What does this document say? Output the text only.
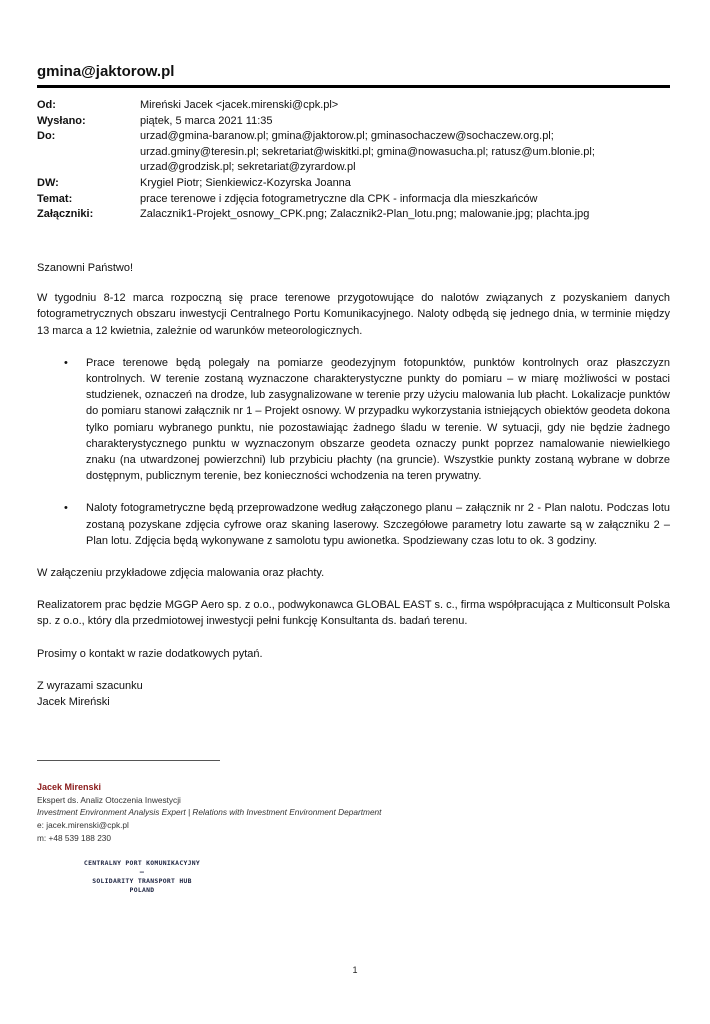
gmina@jaktorow.pl
Od:	Mireński Jacek <jacek.mirenski@cpk.pl>
Wysłano:	piątek, 5 marca 2021 11:35
Do:	urzad@gmina-baranow.pl; gmina@jaktorow.pl; gminasochaczew@sochaczew.org.pl; urzad.gminy@teresin.pl; sekretariat@wiskitki.pl; gmina@nowasucha.pl; ratusz@um.blonie.pl; urzad@grodzisk.pl; sekretariat@zyrardow.pl
DW:	Krygiel Piotr; Sienkiewicz-Kozyrska Joanna
Temat:	prace terenowe i zdjęcia fotogrametryczne dla CPK - informacja dla mieszkańców
Załączniki:	Zalacznik1-Projekt_osnowy_CPK.png; Zalacznik2-Plan_lotu.png; malowanie.jpg; plachta.jpg

Szanowni Państwo!

W tygodniu 8-12 marca rozpoczną się prace terenowe przygotowujące do nalotów związanych z pozyskaniem danych fotogrametrycznych obszaru inwestycji Centralnego Portu Komunikacyjnego. Naloty odbędą się jednego dnia, w terminie między 13 marca a 12 kwietnia, zależnie od warunków meteorologicznych.

• Prace terenowe będą polegały na pomiarze geodezyjnym fotopunktów, punktów kontrolnych oraz płaszczyzn kontrolnych. W terenie zostaną wyznaczone charakterystyczne punkty do pomiaru – w miarę możliwości w postaci studzienek, oznaczeń na drodze, lub zasygnalizowane w terenie przy użyciu malowania lub płacht. Lokalizacje punktów do pomiaru stanowi załącznik nr 1 – Projekt osnowy. W przypadku wykorzystania istniejących obiektów geodeta dokona tylko pomiaru wybranego punktu, nie pozostawiając żadnego śladu w terenie. W sytuacji, gdy nie będzie żadnego charakterystycznego punktu w wyznaczonym obszarze geodeta oznaczy punkt poprzez namalowanie niewielkiego znaku (na utwardzonej powierzchni) lub przybiciu płachty (na gruncie). Wszystkie punkty zostaną wybrane w dobrze dostępnym, publicznym terenie, bez konieczności wchodzenia na teren prywatny.
• Naloty fotogrametryczne będą przeprowadzone według załączonego planu – załącznik nr 2 - Plan nalotu. Podczas lotu zostaną pozyskane zdjęcia cyfrowe oraz skaning laserowy. Szczegółowe parametry lotu zawarte są w załączniku 2 – Plan lotu. Zdjęcia będą wykonywane z samolotu typu awionetka. Spodziewany czas lotu to ok. 3 godziny.

W załączeniu przykładowe zdjęcia malowania oraz płachty.

Realizatorem prac będzie MGGP Aero sp. z o.o., podwykonawca GLOBAL EAST s. c., firma współpracująca z Multiconsult Polska sp. z o.o., który dla przedmiotowej inwestycji pełni funkcję Konsultanta ds. badań terenu.

Prosimy o kontakt w razie dodatkowych pytań.

Z wyrazami szacunku

Jacek Mireński

Jacek Mirenski
Ekspert ds. Analiz Otoczenia Inwestycji
Investment Environment Analysis Expert | Relations with Investment Environment Department
e: jacek.mirenski@cpk.pl
m: +48 539 188 230
CENTRALNY PORT KOMUNIKACYJNY
—
SOLIDARITY TRANSPORT HUB
POLAND
1
